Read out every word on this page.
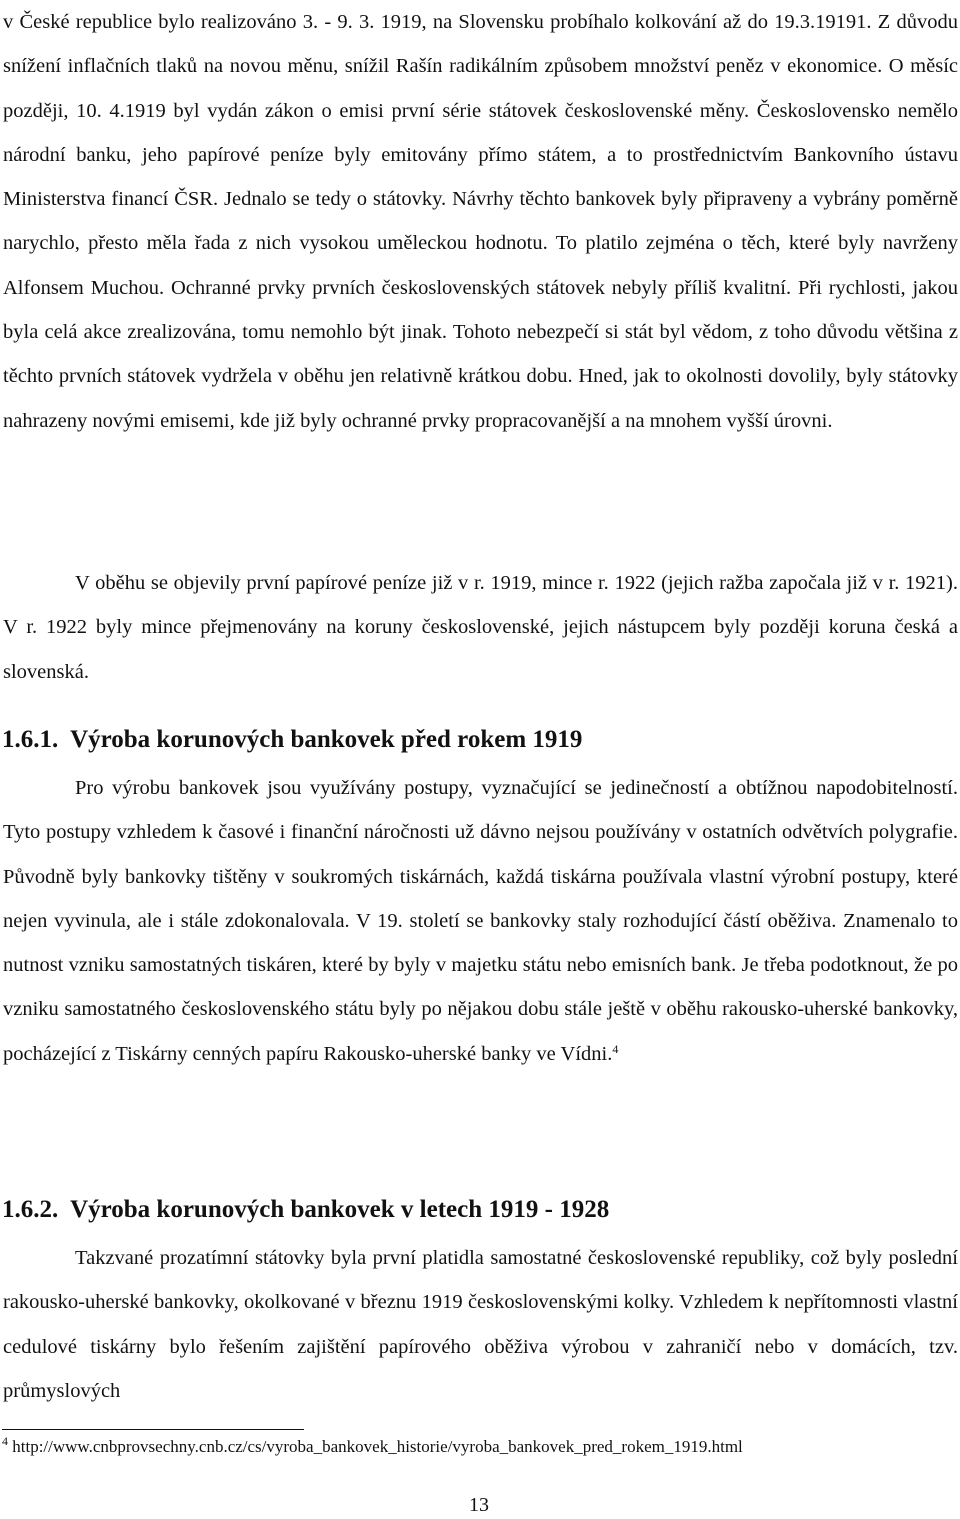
v České republice bylo realizováno 3. - 9. 3. 1919, na Slovensku probíhalo kolkování až do 19.3.19191. Z důvodu snížení inflačních tlaků na novou měnu, snížil Rašín radikálním způsobem množství peněz v ekonomice. O měsíc později, 10. 4.1919 byl vydán zákon o emisi první série státovek československé měny. Československo nemělo národní banku, jeho papírové peníze byly emitovány přímo státem, a to prostřednictvím Bankovního ústavu Ministerstva financí ČSR. Jednalo se tedy o státovky. Návrhy těchto bankovek byly připraveny a vybrány poměrně narychlo, přesto měla řada z nich vysokou uměleckou hodnotu. To platilo zejména o těch, které byly navrženy Alfonsem Muchou. Ochranné prvky prvních československých státovek nebyly příliš kvalitní. Při rychlosti, jakou byla celá akce zrealizována, tomu nemohlo být jinak. Tohoto nebezpečí si stát byl vědom, z toho důvodu většina z těchto prvních státovek vydržela v oběhu jen relativně krátkou dobu. Hned, jak to okolnosti dovolily, byly státovky nahrazeny novými emisemi, kde již byly ochranné prvky propracovanější a na mnohem vyšší úrovni.

V oběhu se objevily první papírové peníze již v r. 1919, mince r. 1922 (jejich ražba započala již v r. 1921). V r. 1922 byly mince přejmenovány na koruny československé, jejich nástupcem byly později koruna česká a slovenská.

1.6.1. Výroba korunových bankovek před rokem 1919

Pro výrobu bankovek jsou využívány postupy, vyznačující se jedinečností a obtížnou napodobitelností. Tyto postupy vzhledem k časové i finanční náročnosti už dávno nejsou používány v ostatních odvětvích polygrafie. Původně byly bankovky tištěny v soukromých tiskárnách, každá tiskárna používala vlastní výrobní postupy, které nejen vyvinula, ale i stále zdokonalovala. V 19. století se bankovky staly rozhodující částí oběživa. Znamenalo to nutnost vzniku samostatných tiskáren, které by byly v majetku státu nebo emisních bank. Je třeba podotknout, že po vzniku samostatného československého státu byly po nějakou dobu stále ještě v oběhu rakousko-uherské bankovky, pocházející z Tiskárny cenných papíru Rakousko-uherské banky ve Vídni.$^4$

1.6.2. Výroba korunových bankovek v letech 1919 - 1928

Takzvané prozatímní státovky byla první platidla samostatné československé republiky, což byly poslední rakousko-uherské bankovky, okolkované v březnu 1919 československými kolky. Vzhledem k nepřítomnosti vlastní cedulové tiskárny bylo řešením zajištění papírového oběživa výrobou v zahraničí nebo v domácích, tzv. průmyslových

$^4$ http://www.cnbprovsechny.cnb.cz/cs/vyroba_bankovek_historie/vyroba_bankovek_pred_rokem_1919.html
13
